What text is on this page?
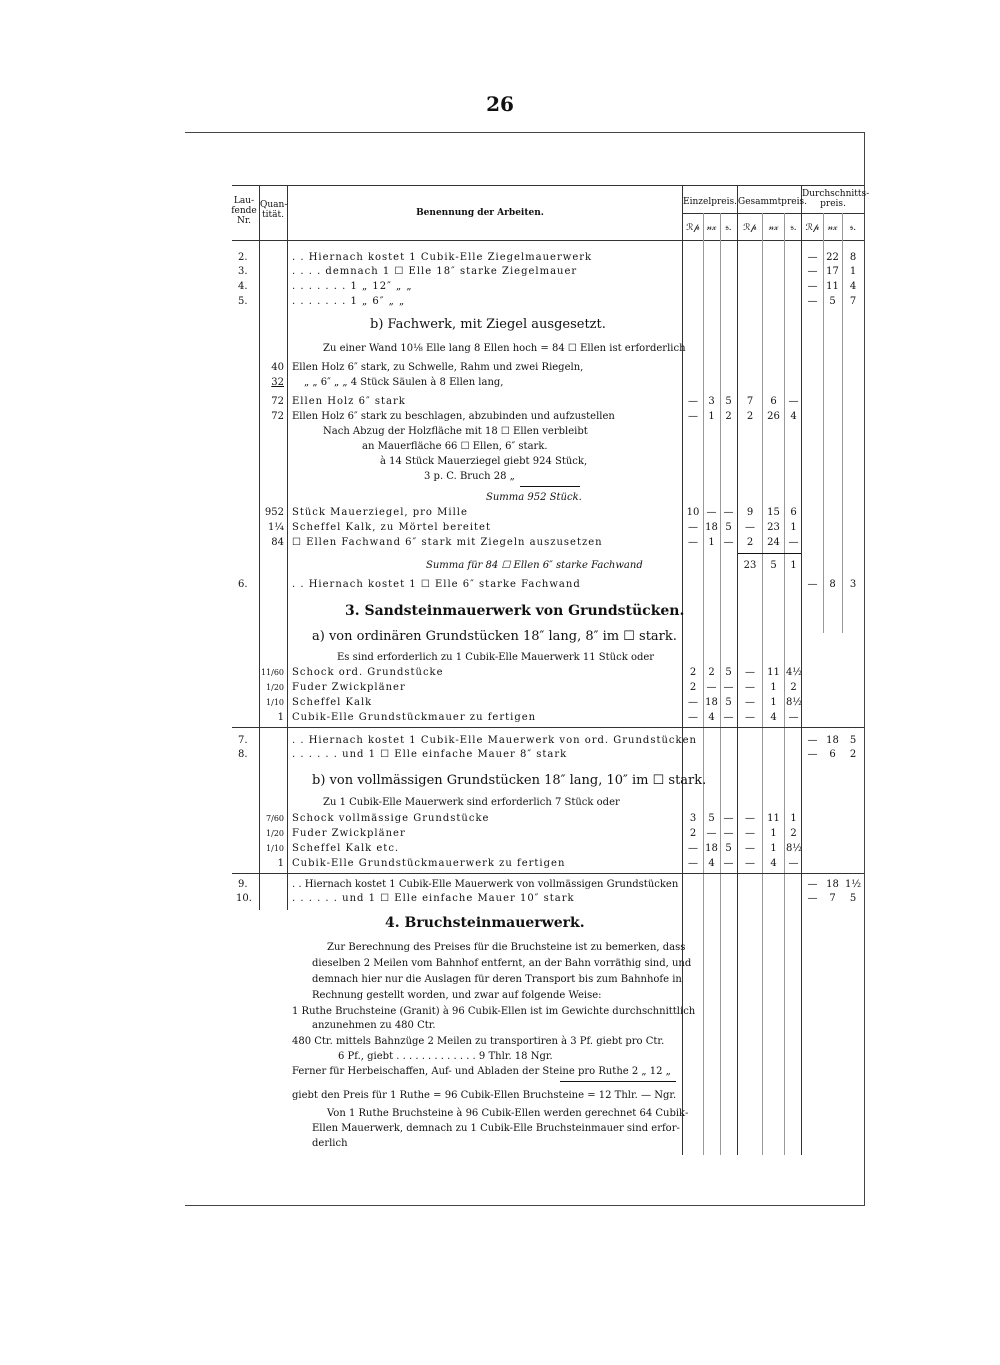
26
Lau-fende Nr.
Quan-tität.	Benennung der Arbeiten.
Einzelpreis. Gesammtpreis.
Durchschnitts-preis.
ℛ𝓅 𝓃𝓍 𝔰.	ℛ𝓅	𝓃𝓍	𝔰.	ℛ𝓅 𝓃𝓍	𝔰.
2.	. . Hiernach kostet 1 Cubik-Elle Ziegelmauerwerk	— 22	8
3.	. . . . demnach 1 ☐ Elle 18″ starke Ziegelmauer	— 17	1
4.	. . . . . . . 1 „ 12″ „ „	— 11	4
5.	. . . . . . . 1 „ 6″ „ „	—	5	7
b) Fachwerk, mit Ziegel ausgesetzt.
Zu einer Wand 10⅛ Elle lang 8 Ellen hoch = 84 ☐ Ellen ist erforderlich
40 Ellen Holz 6″ stark, zu Schwelle, Rahm und zwei Riegeln,
32 „ „ 6″ „ „ 4 Stück Säulen à 8 Ellen lang,
72 Ellen Holz 6″ stark	—	3	5	7	6	—
72 Ellen Holz 6″ stark zu beschlagen, abzubinden und aufzustellen	—	1	2	2	26	4
Nach Abzug der Holzfläche mit 18 ☐ Ellen verbleibt
an Mauerfläche 66 ☐ Ellen, 6″ stark.
à 14 Stück Mauerziegel giebt 924 Stück,
3 p. C. Bruch 28 „
Summa 952 Stück.
952 Stück Mauerziegel, pro Mille	10 — —	9	15	6
1¼ Scheffel Kalk, zu Mörtel bereitet	— 18 5	—	23	1
84 ☐ Ellen Fachwand 6″ stark mit Ziegeln auszusetzen	—	1 —	2	24 —
Summa für 84 ☐ Ellen 6″ starke Fachwand	23	5	1
6.	. . Hiernach kostet 1 ☐ Elle 6″ starke Fachwand	—	8	3
3. Sandsteinmauerwerk von Grundstücken.
a) von ordinären Grundstücken 18″ lang, 8″ im ☐ stark.
Es sind erforderlich zu 1 Cubik-Elle Mauerwerk 11 Stück oder
11/60 Schock ord. Grundstücke	2	2	5	—	11 4½
1/20 Fuder Zwickpläner	2	— —	—	1	2
1/10 Scheffel Kalk	— 18 5	—	1 8½
1 Cubik-Elle Grundstückmauer zu fertigen	—	4 —	—	4	—
7.	. . Hiernach kostet 1 Cubik-Elle Mauerwerk von ord. Grundstücken	— 18	5
8.	. . . . . . und 1 ☐ Elle einfache Mauer 8″ stark	—	6	2
b) von vollmässigen Grundstücken 18″ lang, 10″ im ☐ stark.
Zu 1 Cubik-Elle Mauerwerk sind erforderlich 7 Stück oder
7/60 Schock vollmässige Grundstücke	3	5 —	—	11	1
1/20 Fuder Zwickpläner	2	— —	—	1	2
1/10 Scheffel Kalk etc.	— 18 5	—	1 8½
1 Cubik-Elle Grundstückmauerwerk zu fertigen	—	4 —	—	4	—
9.	. . Hiernach kostet 1 Cubik-Elle Mauerwerk von vollmässigen Grundstücken	— 18 1½
10.	. . . . . . und 1 ☐ Elle einfache Mauer 10″ stark	—	7	5
4. Bruchsteinmauerwerk.
Zur Berechnung des Preises für die Bruchsteine ist zu bemerken, dass
dieselben 2 Meilen vom Bahnhof entfernt, an der Bahn vorräthig sind, und
demnach hier nur die Auslagen für deren Transport bis zum Bahnhofe in
Rechnung gestellt worden, und zwar auf folgende Weise:
1 Ruthe Bruchsteine (Granit) à 96 Cubik-Ellen ist im Gewichte durchschnittlich
anzunehmen zu 480 Ctr.
480 Ctr. mittels Bahnzüge 2 Meilen zu transportiren à 3 Pf. giebt pro Ctr.
6 Pf., giebt . . . . . . . . . . . . . 9 Thlr. 18 Ngr.
Ferner für Herbeischaffen, Auf- und Abladen der Steine pro Ruthe 2 „ 12 „
giebt den Preis für 1 Ruthe = 96 Cubik-Ellen Bruchsteine = 12 Thlr. — Ngr.
Von 1 Ruthe Bruchsteine à 96 Cubik-Ellen werden gerechnet 64 Cubik-
Ellen Mauerwerk, demnach zu 1 Cubik-Elle Bruchsteinmauer sind erfor-
derlich
